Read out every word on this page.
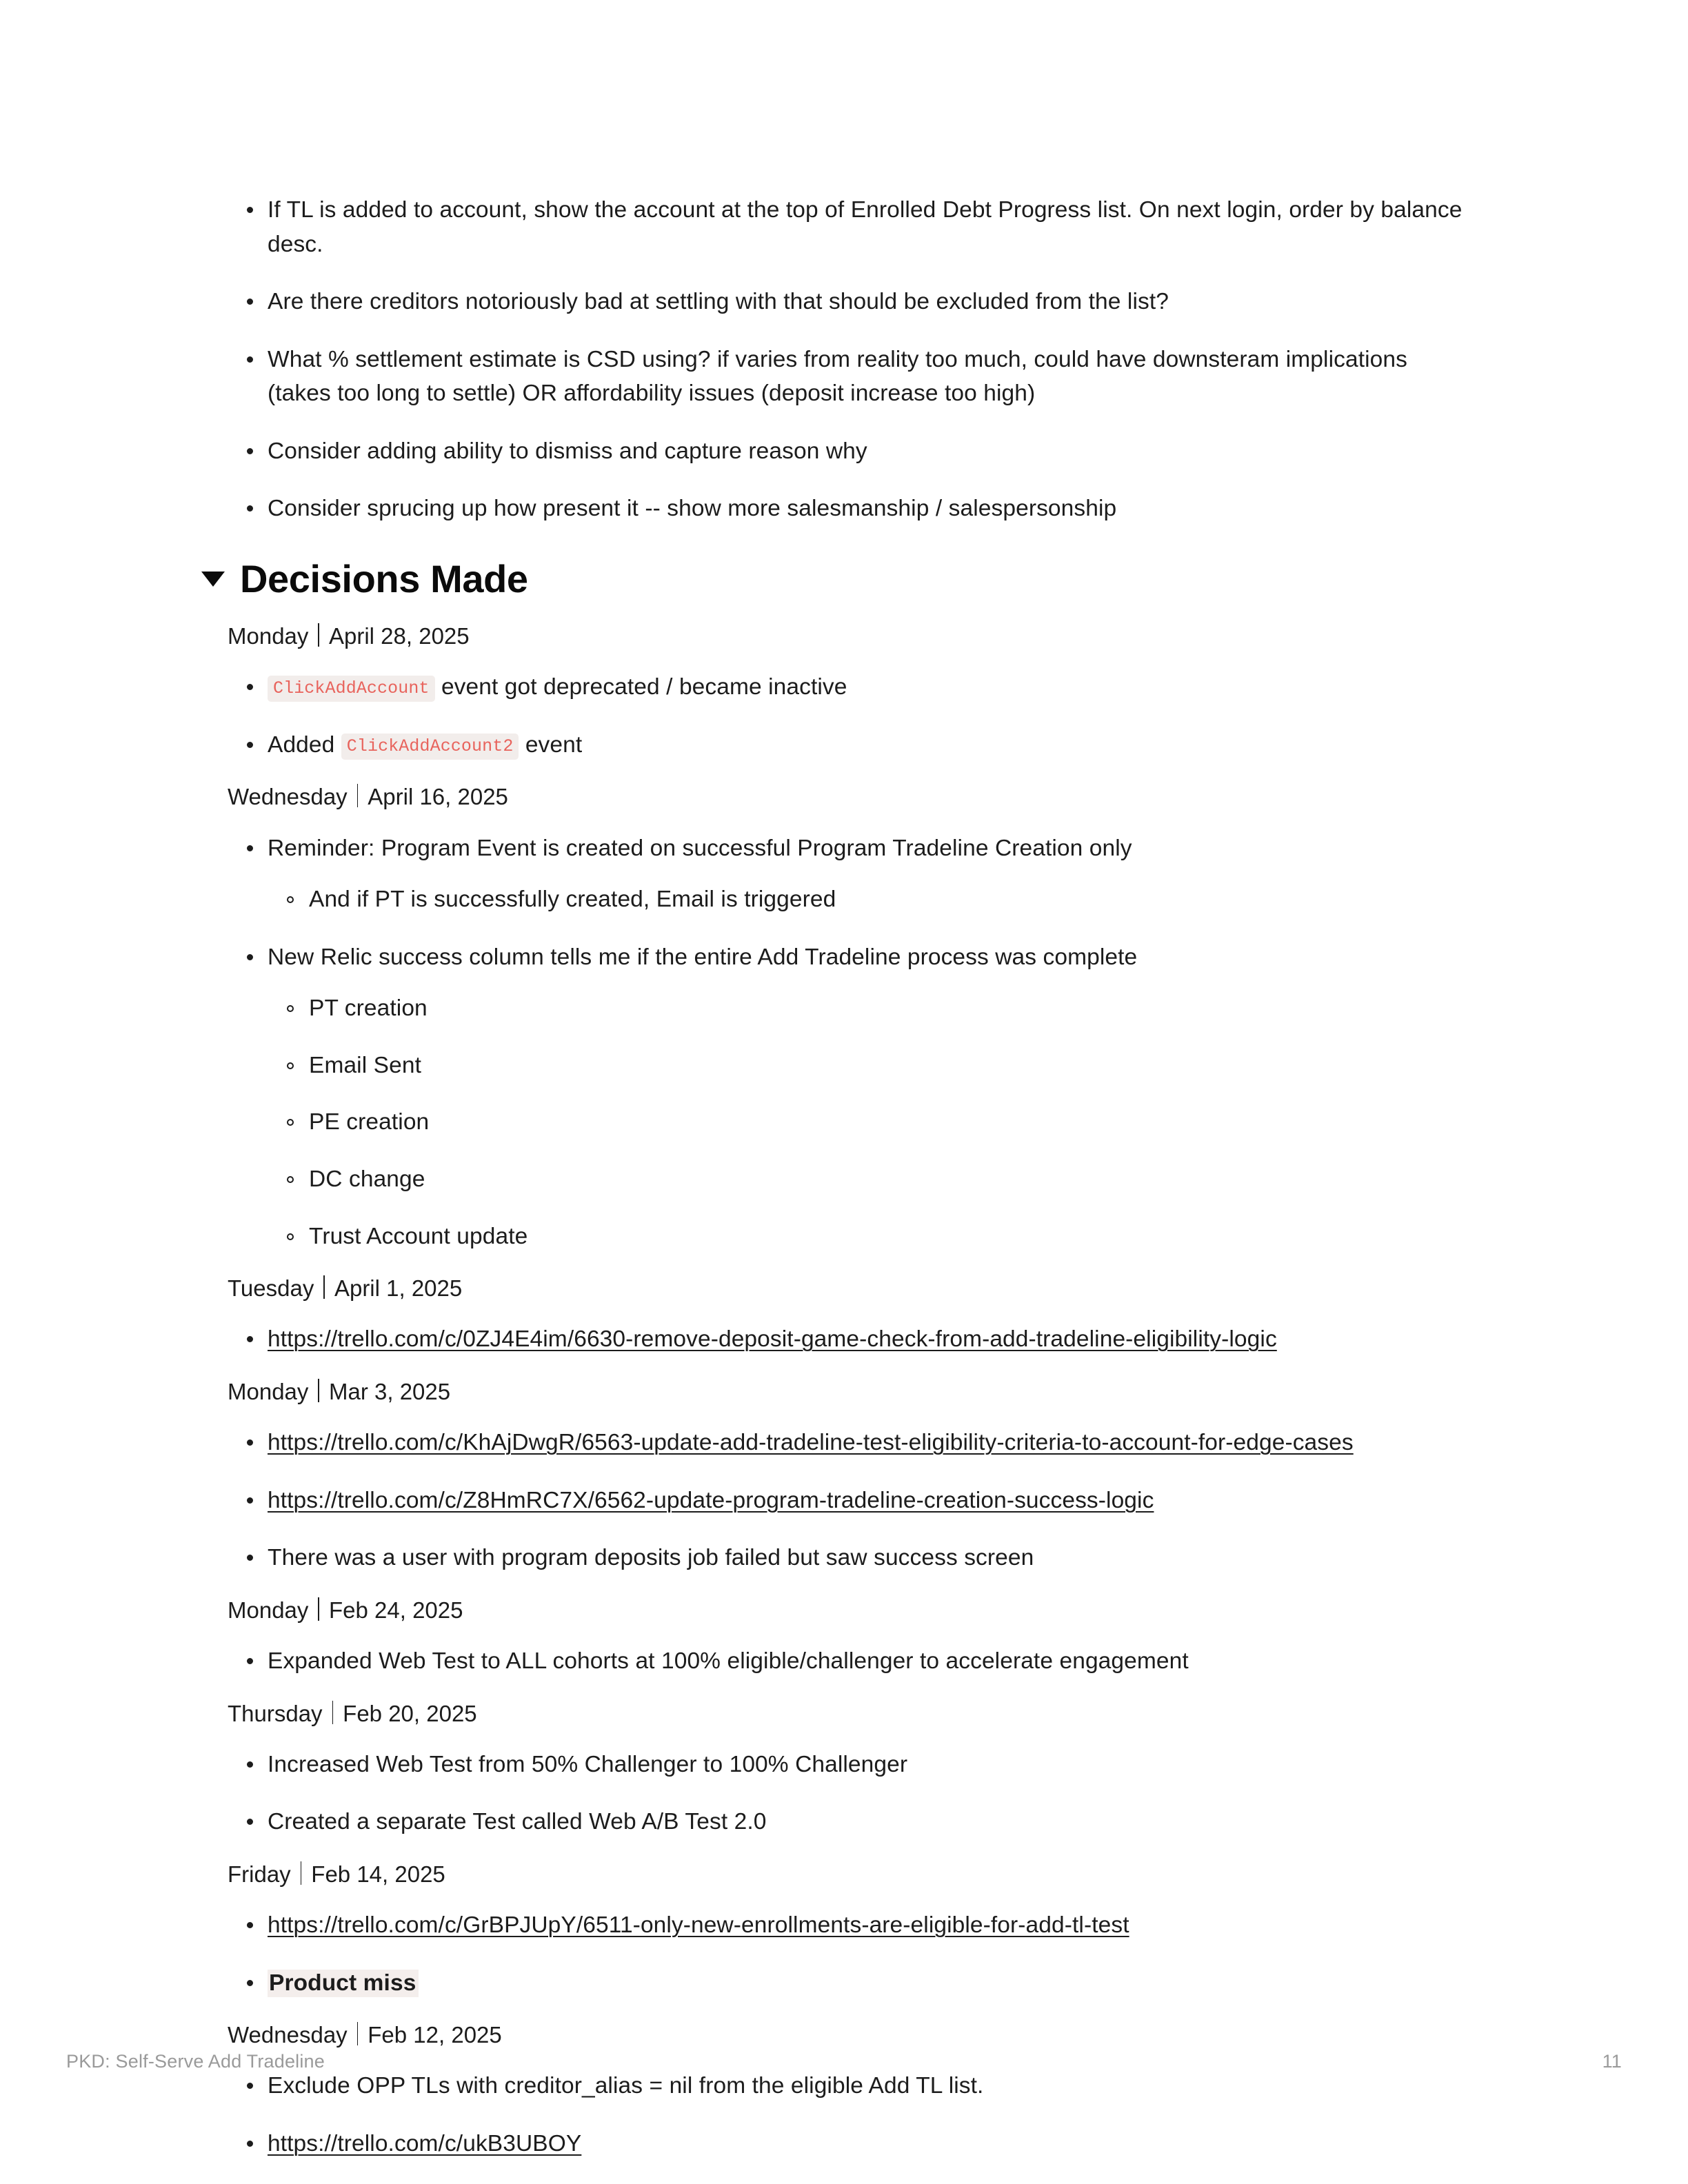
If TL is added to account, show the account at the top of Enrolled Debt Progress list. On next login, order by balance desc.
Are there creditors notoriously bad at settling with that should be excluded from the list?
What % settlement estimate is CSD using? if varies from reality too much, could have downsteram implications (takes too long to settle) OR affordability issues (deposit increase too high)
Consider adding ability to dismiss and capture reason why
Consider sprucing up how present it -- show more salesmanship / salespersonship
Decisions Made
Monday April 28, 2025
ClickAddAccount event got deprecated / became inactive
Added ClickAddAccount2 event
Wednesday April 16, 2025
Reminder: Program Event is created on successful Program Tradeline Creation only
And if PT is successfully created, Email is triggered
New Relic success column tells me if the entire Add Tradeline process was complete
PT creation
Email Sent
PE creation
DC change
Trust Account update
Tuesday April 1, 2025
https://trello.com/c/0ZJ4E4im/6630-remove-deposit-game-check-from-add-tradeline-eligibility-logic
Monday Mar 3, 2025
https://trello.com/c/KhAjDwgR/6563-update-add-tradeline-test-eligibility-criteria-to-account-for-edge-cases
https://trello.com/c/Z8HmRC7X/6562-update-program-tradeline-creation-success-logic
There was a user with program deposits job failed but saw success screen
Monday Feb 24, 2025
Expanded Web Test to ALL cohorts at 100% eligible/challenger to accelerate engagement
Thursday Feb 20, 2025
Increased Web Test from 50% Challenger to 100% Challenger
Created a separate Test called Web A/B Test 2.0
Friday Feb 14, 2025
https://trello.com/c/GrBPJUpY/6511-only-new-enrollments-are-eligible-for-add-tl-test
Product miss
Wednesday Feb 12, 2025
Exclude OPP TLs with creditor_alias = nil from the eligible Add TL list.
https://trello.com/c/ukB3UBOY
PKD: Self-Serve Add Tradeline	11
